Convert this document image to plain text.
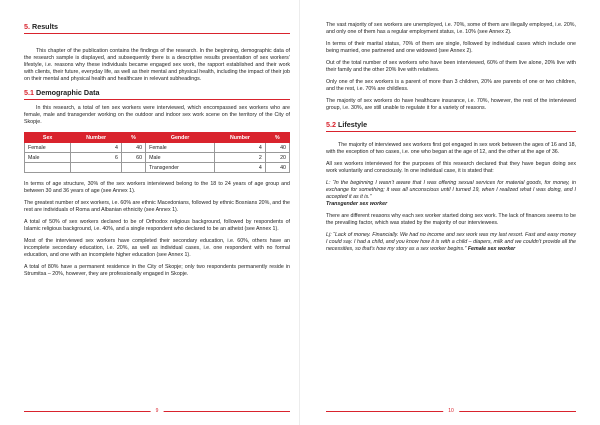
5. Results

This chapter of the publication contains the findings of the research. In the beginning, demographic data of the research sample is displayed, and subsequently there is a descriptive results presentation of sex workers’ lifestyle, i.e. reasons why these individuals became engaged sex work, the rapport established and their work with clients, their future, everyday life, as well as their mental and physical health, including the impact of their job on their mental and physical health and healthcare in relevant subheadings.

5.1 Demographic Data

In this research, a total of ten sex workers were interviewed, which encompassed sex workers who are female, male and transgender working on the outdoor and indoor sex work scene on the territory of the City of Skopje.

Sex	Number	%	Gender	Number	%
Female	4	40	Female	4	40
Male	6	60	Male	2	20
			Transgender	4	40

In terms of age structure, 30% of the sex workers interviewed belong to the 18 to 24 years of age group and between 30 and 36 years of age (see Annex 1).

The greatest number of sex workers, i.e. 60% are ethnic Macedonians, followed by ethnic Bosnians 20%, and the rest are individuals of Roma and Albanian ethnicity (see Annex 1).

A total of 50% of sex workers declared to be of Orthodox religious background, followed by respondents of Islamic religious background, i.e. 40%, and a single respondent who declared to be an atheist (see Annex 1).

Most of the interviewed sex workers have completed their secondary education, i.e. 60%, others have an incomplete secondary education, i.e. 20%, as well as individual cases, i.e. one respondent with no formal education, and one with an incomplete higher education (see Annex 1).

A total of 80% have a permanent residence in the City of Skopje; only two respondents permanently reside in Strumitsa – 20%, however, they are professionally engaged in Skopje.

9

The vast majority of sex workers are unemployed, i.e. 70%, some of them are illegally employed, i.e. 20%, and only one of them has a regular employment status, i.e. 10% (see Annex 2).

In terms of their marital status, 70% of them are single, followed by individual cases which include one being married, one partnered and one widowed (see Annex 2).

Out of the total number of sex workers who have been interviewed, 60% of them live alone, 20% live with their family and the other 20% live with relatives.

Only one of the sex workers is a parent of more than 3 children, 20% are parents of one or two children, and the rest, i.e. 70% are childless.

The majority of sex workers do have healthcare insurance, i.e. 70%, however, the rest of the interviewed group, i.e. 30%, are still unable to regulate it for a variety of reasons.

5.2 Lifestyle

The majority of interviewed sex workers first got engaged in sex work between the ages of 16 and 18, with the exception of two cases, i.e. one who began at the age of 12, and the other at the age of 36.

All sex workers interviewed for the purposes of this research declared that they have begun doing sex work voluntarily and consciously. In one individual case, it is stated that:

L: “In the beginning I wasn’t aware that I was offering sexual services for material goods, for money, in exchange for something; it was all unconscious until I turned 19, when I realized what I was doing, and I accepted it as it is.”
Transgender sex worker

There are different reasons why each sex worker started doing sex work. The lack of finances seems to be the prevailing factor, which was stated by the majority of our interviewees.

Lj: “Lack of money. Financially. We had no income and sex work was my last resort. Fast and easy money I could say. I had a child, and you know how it is with a child – diapers, milk and we couldn’t provide all the necessities, so that’s how my story as a sex worker begins.” Female sex worker

10
